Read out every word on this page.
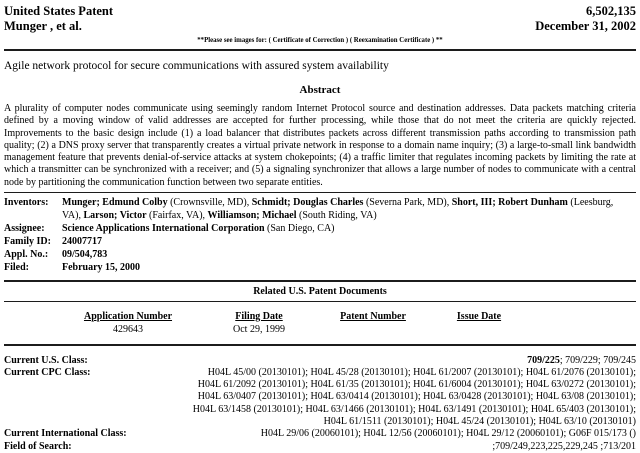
United States Patent	6,502,135
Munger , et al.	December 31, 2002
**Please see images for: ( Certificate of Correction ) ( Reexamination Certificate ) **
Agile network protocol for secure communications with assured system availability
Abstract
A plurality of computer nodes communicate using seemingly random Internet Protocol source and destination addresses. Data packets matching criteria defined by a moving window of valid addresses are accepted for further processing, while those that do not meet the criteria are quickly rejected. Improvements to the basic design include (1) a load balancer that distributes packets across different transmission paths according to transmission path quality; (2) a DNS proxy server that transparently creates a virtual private network in response to a domain name inquiry; (3) a large-to-small link bandwidth management feature that prevents denial-of-service attacks at system chokepoints; (4) a traffic limiter that regulates incoming packets by limiting the rate at which a transmitter can be synchronized with a receiver; and (5) a signaling synchronizer that allows a large number of nodes to communicate with a central node by partitioning the communication function between two separate entities.
Inventors:	Munger; Edmund Colby (Crownsville, MD), Schmidt; Douglas Charles (Severna Park, MD), Short, III; Robert Dunham (Leesburg, VA), Larson; Victor (Fairfax, VA), Williamson; Michael (South Riding, VA)
Assignee:	Science Applications International Corporation (San Diego, CA)
Family ID:	24007717
Appl. No.:	09/504,783
Filed:	February 15, 2000
Related U.S. Patent Documents
Application Number	Filing Date	Patent Number	Issue Date
429643	Oct 29, 1999
Current U.S. Class:	709/225; 709/229; 709/245
Current CPC Class:	H04L 45/00 (20130101); H04L 45/28 (20130101); H04L 61/2007 (20130101); H04L 61/2076 (20130101);
H04L 61/2092 (20130101); H04L 61/35 (20130101); H04L 61/6004 (20130101); H04L 63/0272 (20130101);
H04L 63/0407 (20130101); H04L 63/0414 (20130101); H04L 63/0428 (20130101); H04L 63/08 (20130101);
H04L 63/1458 (20130101); H04L 63/1466 (20130101); H04L 63/1491 (20130101); H04L 65/403 (20130101);
H04L 61/1511 (20130101); H04L 45/24 (20130101); H04L 63/10 (20130101)
Current International Class:	H04L 29/06 (20060101); H04L 12/56 (20060101); H04L 29/12 (20060101); G06F 015/173 ()
Field of Search:	;709/249,223,225,229,245 ;713/201
